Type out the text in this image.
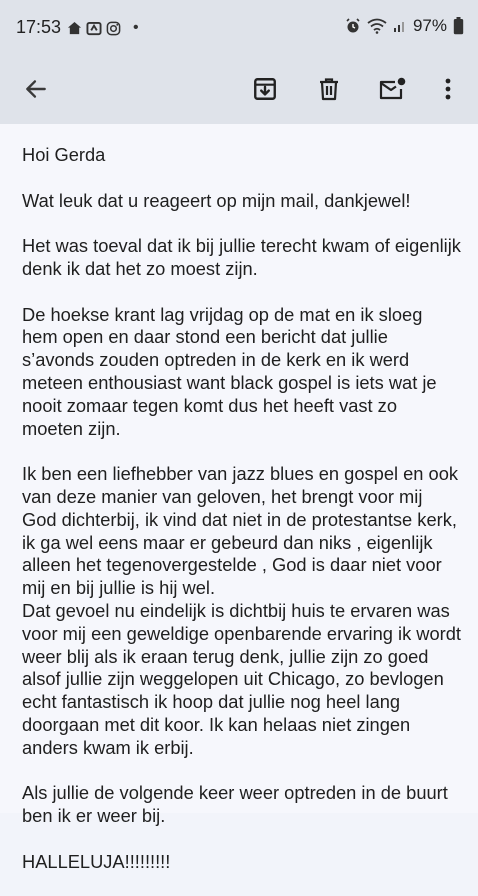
17:53	•	97%

Hoi Gerda

Wat leuk dat u reageert op mijn mail, dankjewel!

Het was toeval dat ik bij jullie terecht kwam of eigenlijk denk ik dat het zo moest zijn.

De hoekse krant lag vrijdag op de mat en ik sloeg hem open en daar stond een bericht dat jullie s’avonds zouden optreden in de kerk en ik werd meteen enthousiast want black gospel is iets wat je nooit zomaar tegen komt dus het heeft vast zo moeten zijn.

Ik ben een liefhebber van jazz blues en gospel en ook van deze manier van geloven, het brengt voor mij God dichterbij, ik vind dat niet in de protestantse kerk, ik ga wel eens maar er gebeurd dan niks , eigenlijk alleen het tegenovergestelde , God is daar niet voor mij en bij jullie is hij wel.

Dat gevoel nu eindelijk is dichtbij huis te ervaren was voor mij een geweldige openbarende ervaring ik wordt weer blij als ik eraan terug denk, jullie zijn zo goed alsof jullie zijn weggelopen uit Chicago, zo bevlogen echt fantastisch ik hoop dat jullie nog heel lang doorgaan met dit koor. Ik kan helaas niet zingen anders kwam ik erbij.

Als jullie de volgende keer weer optreden in de buurt ben ik er weer bij.

HALLELUJA!!!!!!!!!
